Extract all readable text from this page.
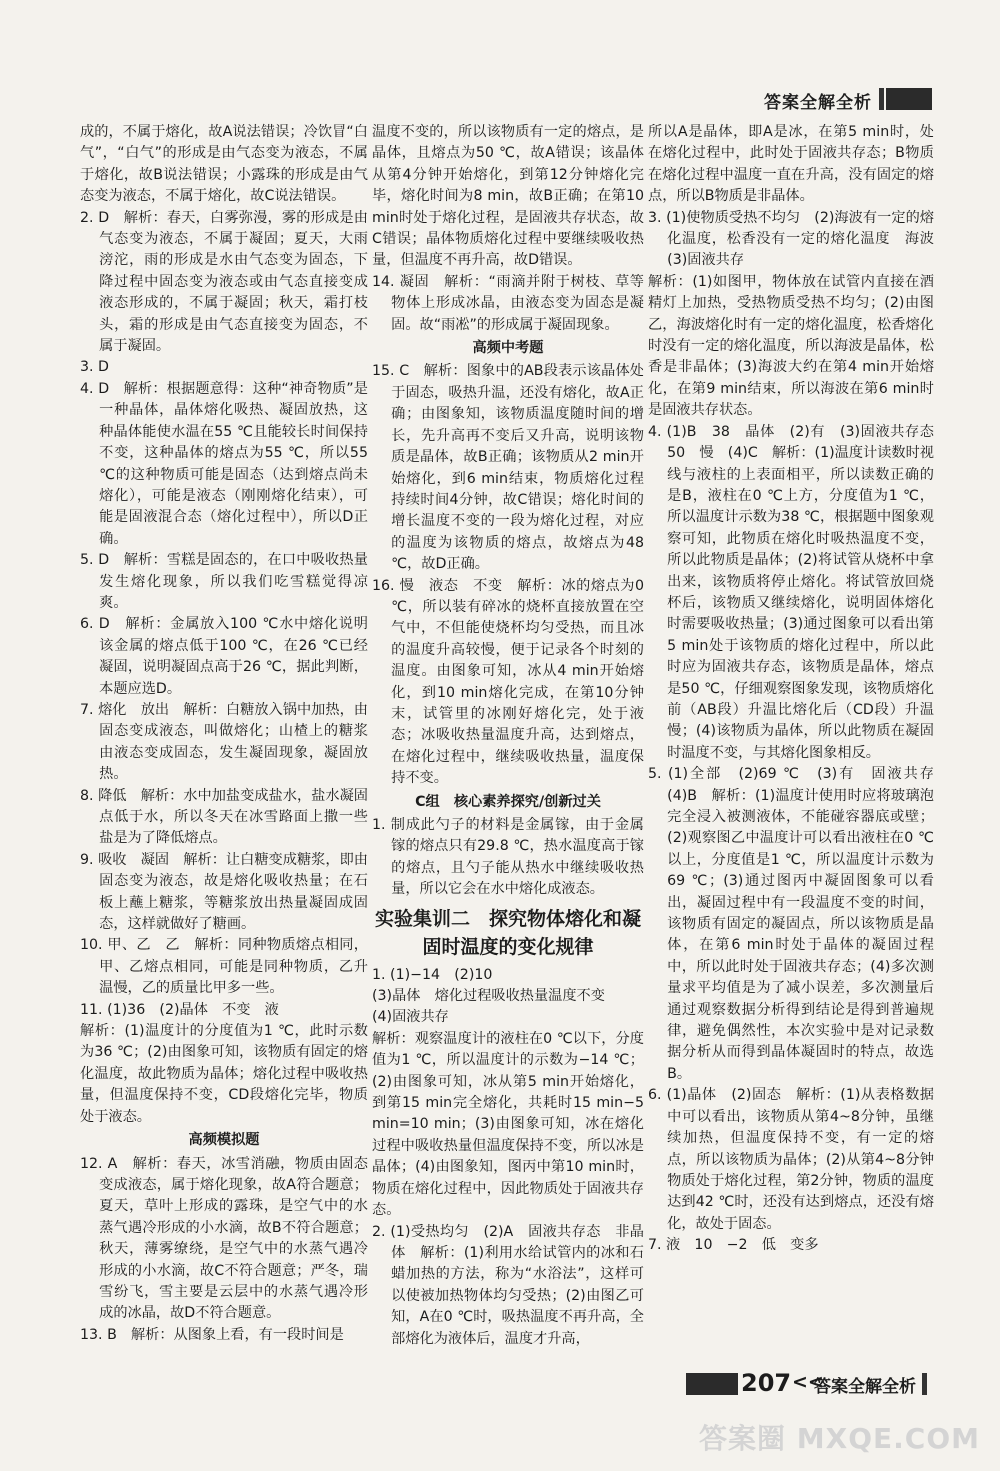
答案全解全析

成的，不属于熔化，故A说法错误；冷饮冒“白气”，“白气”的形成是由气态变为液态，不属于熔化，故B说法错误；小露珠的形成是由气态变为液态，不属于熔化，故C说法错误。

2. D　解析：春天，白雾弥漫，雾的形成是由气态变为液态，不属于凝固；夏天，大雨滂沱，雨的形成是水由气态变为固态，下降过程中固态变为液态或由气态直接变成液态形成的，不属于凝固；秋天，霜打枝头，霜的形成是由气态直接变为固态，不属于凝固。

3. D

4. D　解析：根据题意得：这种“神奇物质”是一种晶体，晶体熔化吸热、凝固放热，这种晶体能使水温在55 ℃且能较长时间保持不变，这种晶体的熔点为55 ℃，所以55 ℃的这种物质可能是固态（达到熔点尚未熔化），可能是液态（刚刚熔化结束），可能是固液混合态（熔化过程中），所以D正确。

5. D　解析：雪糕是固态的，在口中吸收热量发生熔化现象，所以我们吃雪糕觉得凉爽。

6. D　解析：金属放入100 ℃水中熔化说明该金属的熔点低于100 ℃，在26 ℃已经凝固，说明凝固点高于26 ℃，据此判断，本题应选D。

7. 熔化　放出　解析：白糖放入锅中加热，由固态变成液态，叫做熔化；山楂上的糖浆由液态变成固态，发生凝固现象，凝固放热。

8. 降低　解析：水中加盐变成盐水，盐水凝固点低于水，所以冬天在冰雪路面上撒一些盐是为了降低熔点。

9. 吸收　凝固　解析：让白糖变成糖浆，即由固态变为液态，故是熔化吸收热量；在石板上蘸上糖浆，等糖浆放出热量凝固成固态，这样就做好了糖画。

10. 甲、乙　乙　解析：同种物质熔点相同，甲、乙熔点相同，可能是同种物质，乙升温慢，乙的质量比甲多一些。

11. (1)36　(2)晶体　不变　液

解析：(1)温度计的分度值为1 ℃，此时示数为36 ℃；(2)由图象可知，该物质有固定的熔化温度，故此物质为晶体；熔化过程中吸收热量，但温度保持不变，CD段熔化完毕，物质处于液态。

高频模拟题

12. A　解析：春天，冰雪消融，物质由固态变成液态，属于熔化现象，故A符合题意；夏天，草叶上形成的露珠，是空气中的水蒸气遇冷形成的小水滴，故B不符合题意；秋天，薄雾缭绕，是空气中的水蒸气遇冷形成的小水滴，故C不符合题意；严冬，瑞雪纷飞，雪主要是云层中的水蒸气遇冷形成的冰晶，故D不符合题意。

13. B　解析：从图象上看，有一段时间是

温度不变的，所以该物质有一定的熔点，是晶体，且熔点为50 ℃，故A错误；该晶体从第4分钟开始熔化，到第12分钟熔化完毕，熔化时间为8 min，故B正确；在第10 min时处于熔化过程，是固液共存状态，故C错误；晶体物质熔化过程中要继续吸收热量，但温度不再升高，故D错误。

14. 凝固　解析：“雨滴并附于树枝、草等物体上形成冰晶，由液态变为固态是凝固。故“雨凇”的形成属于凝固现象。

高频中考题

15. C　解析：图象中的AB段表示该晶体处于固态，吸热升温，还没有熔化，故A正确；由图象知，该物质温度随时间的增长，先升高再不变后又升高，说明该物质是晶体，故B正确；该物质从2 min开始熔化，到6 min结束，物质熔化过程持续时间4分钟，故C错误；熔化时间的增长温度不变的一段为熔化过程，对应的温度为该物质的熔点，故熔点为48 ℃，故D正确。

16. 慢　液态　不变　解析：冰的熔点为0 ℃，所以装有碎冰的烧杯直接放置在空气中，不但能使烧杯均匀受热，而且冰的温度升高较慢，便于记录各个时刻的温度。由图象可知，冰从4 min开始熔化，到10 min熔化完成，在第10分钟末，试管里的冰刚好熔化完，处于液态；冰吸收热量温度升高，达到熔点，在熔化过程中，继续吸收热量，温度保持不变。

C组　核心素养探究/创新过关

1. 制成此勺子的材料是金属镓，由于金属镓的熔点只有29.8 ℃，热水温度高于镓的熔点，且勺子能从热水中继续吸收热量，所以它会在水中熔化成液态。

实验集训二　探究物体熔化和凝固时温度的变化规律

1. (1)−14　(2)10

(3)晶体　熔化过程吸收热量温度不变

(4)固液共存

解析：观察温度计的液柱在0 ℃以下，分度值为1 ℃，所以温度计的示数为−14 ℃；(2)由图象可知，冰从第5 min开始熔化，到第15 min完全熔化，共耗时15 min−5 min=10 min；(3)由图象可知，冰在熔化过程中吸收热量但温度保持不变，所以冰是晶体；(4)由图象知，图丙中第10 min时，物质在熔化过程中，因此物质处于固液共存态。

2. (1)受热均匀　(2)A　固液共存态　非晶体　解析：(1)利用水给试管内的冰和石蜡加热的方法，称为“水浴法”，这样可以使被加热物体均匀受热；(2)由图乙可知，A在0 ℃时，吸热温度不再升高，全部熔化为液体后，温度才升高，

所以A是晶体，即A是冰，在第5 min时，处在熔化过程中，此时处于固液共存态；B物质在熔化过程中温度一直在升高，没有固定的熔点，所以B物质是非晶体。

3. (1)使物质受热不均匀　(2)海波有一定的熔化温度，松香没有一定的熔化温度　海波　(3)固液共存

解析：(1)如图甲，物体放在试管内直接在酒精灯上加热，受热物质受热不均匀；(2)由图乙，海波熔化时有一定的熔化温度，松香熔化时没有一定的熔化温度，所以海波是晶体，松香是非晶体；(3)海波大约在第4 min开始熔化，在第9 min结束，所以海波在第6 min时是固液共存状态。

4. (1)B　38　晶体　(2)有　(3)固液共存态　50　慢　(4)C　解析：(1)温度计读数时视线与液柱的上表面相平，所以读数正确的是B，液柱在0 ℃上方，分度值为1 ℃，所以温度计示数为38 ℃，根据题中图象观察可知，此物质在熔化时吸热温度不变，所以此物质是晶体；(2)将试管从烧杯中拿出来，该物质将停止熔化。将试管放回烧杯后，该物质又继续熔化，说明固体熔化时需要吸收热量；(3)通过图象可以看出第5 min处于该物质的熔化过程中，所以此时应为固液共存态，该物质是晶体，熔点是50 ℃，仔细观察图象发现，该物质熔化前（AB段）升温比熔化后（CD段）升温慢；(4)该物质为晶体，所以此物质在凝固时温度不变，与其熔化图象相反。

5. (1)全部　(2)69 ℃　(3)有　固液共存　(4)B　解析：(1)温度计使用时应将玻璃泡完全浸入被测液体，不能碰容器底或壁；(2)观察图乙中温度计可以看出液柱在0 ℃以上，分度值是1 ℃，所以温度计示数为69 ℃；(3)通过图丙中凝固图象可以看出，凝固过程中有一段温度不变的时间，该物质有固定的凝固点，所以该物质是晶体，在第6 min时处于晶体的凝固过程中，所以此时处于固液共存态；(4)多次测量求平均值是为了减小误差，多次测量后通过观察数据分析得到结论是得到普遍规律，避免偶然性，本次实验中是对记录数据分析从而得到晶体凝固时的特点，故选B。

6. (1)晶体　(2)固态　解析：(1)从表格数据中可以看出，该物质从第4~8分钟，虽继续加热，但温度保持不变，有一定的熔点，所以该物质为晶体；(2)从第4~8分钟物质处于熔化过程，第2分钟，物质的温度达到42 ℃时，还没有达到熔点，还没有熔化，故处于固态。

7. 液　10　−2　低　变多

207 <<
答案全解全析
答案圈 MXQE.COM
